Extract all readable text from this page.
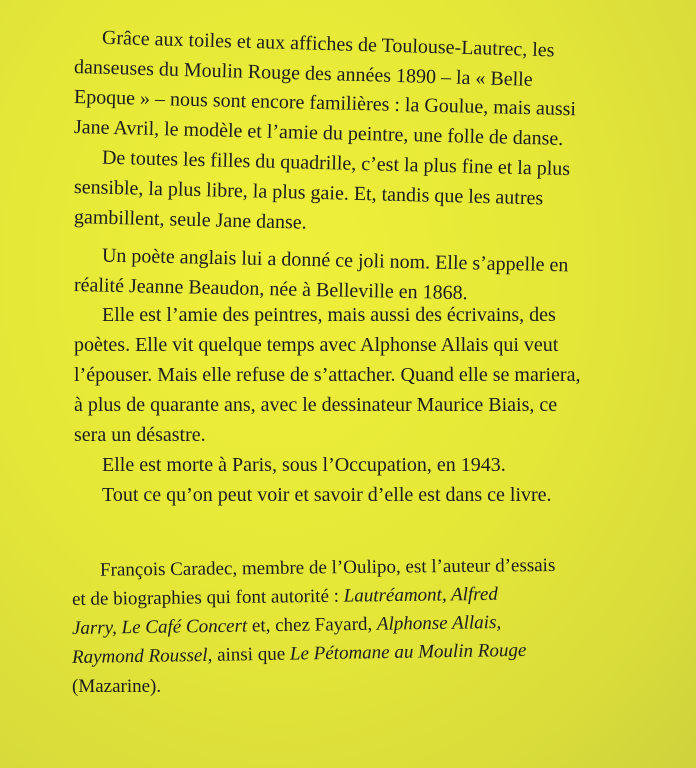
Grâce aux toiles et aux affiches de Toulouse-Lautrec, les

danseuses du Moulin Rouge des années 1890 – la « Belle

Epoque » – nous sont encore familières : la Goulue, mais aussi

Jane Avril, le modèle et l’amie du peintre, une folle de danse.

De toutes les filles du quadrille, c’est la plus fine et la plus

sensible, la plus libre, la plus gaie. Et, tandis que les autres

gambillent, seule Jane danse.

Un poète anglais lui a donné ce joli nom. Elle s’appelle en

réalité Jeanne Beaudon, née à Belleville en 1868.

Elle est l’amie des peintres, mais aussi des écrivains, des

poètes. Elle vit quelque temps avec Alphonse Allais qui veut

l’épouser. Mais elle refuse de s’attacher. Quand elle se mariera,

à plus de quarante ans, avec le dessinateur Maurice Biais, ce

sera un désastre.

Elle est morte à Paris, sous l’Occupation, en 1943.

Tout ce qu’on peut voir et savoir d’elle est dans ce livre.

François Caradec, membre de l’Oulipo, est l’auteur d’essais

et de biographies qui font autorité : Lautréamont, Alfred

Jarry, Le Café Concert et, chez Fayard, Alphonse Allais,

Raymond Roussel, ainsi que Le Pétomane au Moulin Rouge

(Mazarine).
